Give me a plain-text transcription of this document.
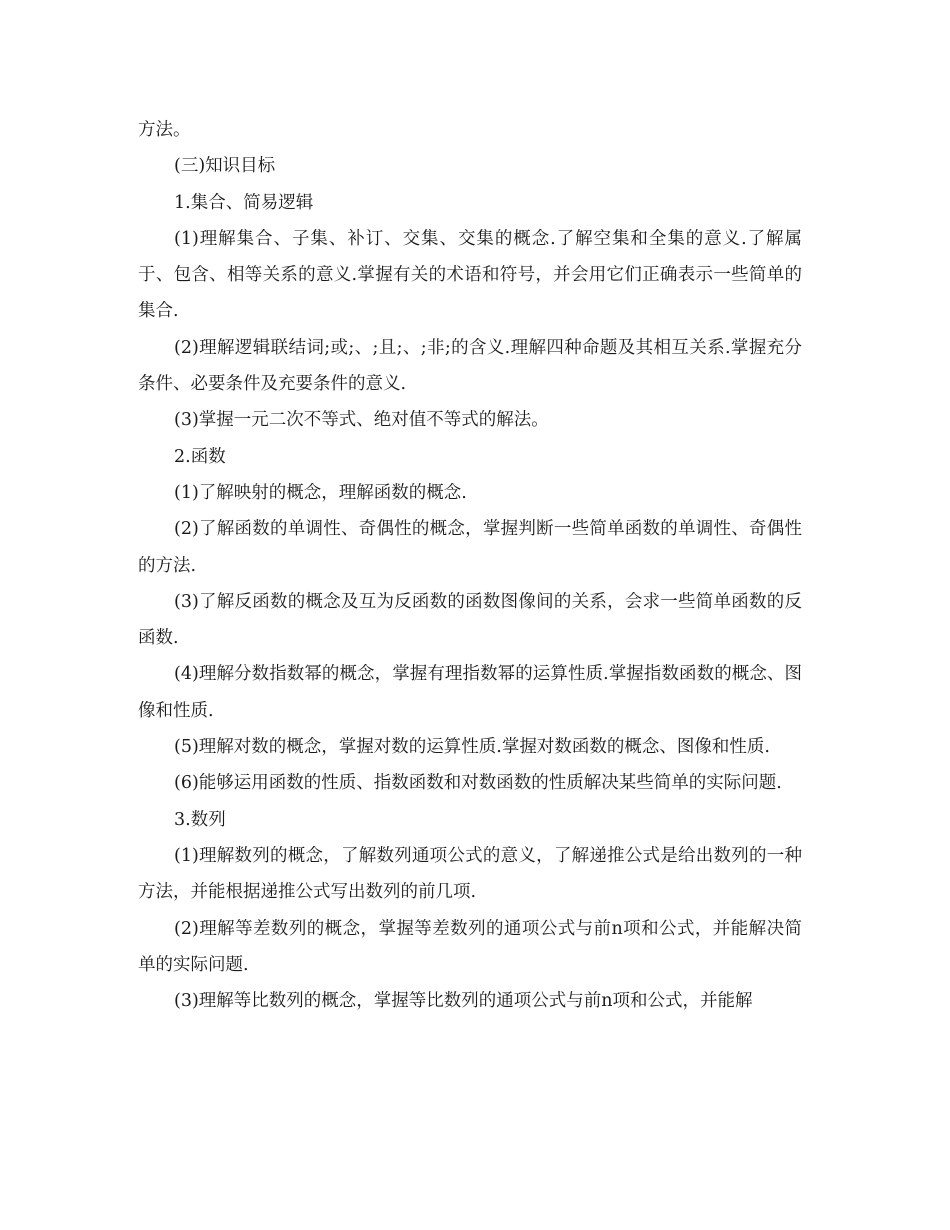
方法。

(三)知识目标

1.集合、简易逻辑

(1)理解集合、子集、补订、交集、交集的概念.了解空集和全集的意义.了解属于、包含、相等关系的意义.掌握有关的术语和符号，并会用它们正确表示一些简单的集合.

(2)理解逻辑联结词;或;、;且;、;非;的含义.理解四种命题及其相互关系.掌握充分条件、必要条件及充要条件的意义.

(3)掌握一元二次不等式、绝对值不等式的解法。

2.函数

(1)了解映射的概念，理解函数的概念.

(2)了解函数的单调性、奇偶性的概念，掌握判断一些简单函数的单调性、奇偶性的方法.

(3)了解反函数的概念及互为反函数的函数图像间的关系，会求一些简单函数的反函数.

(4)理解分数指数幂的概念，掌握有理指数幂的运算性质.掌握指数函数的概念、图像和性质.

(5)理解对数的概念，掌握对数的运算性质.掌握对数函数的概念、图像和性质.

(6)能够运用函数的性质、指数函数和对数函数的性质解决某些简单的实际问题.

3.数列

(1)理解数列的概念，了解数列通项公式的意义，了解递推公式是给出数列的一种方法，并能根据递推公式写出数列的前几项.

(2)理解等差数列的概念，掌握等差数列的通项公式与前n项和公式，并能解决简单的实际问题.

(3)理解等比数列的概念，掌握等比数列的通项公式与前n项和公式，并能解
